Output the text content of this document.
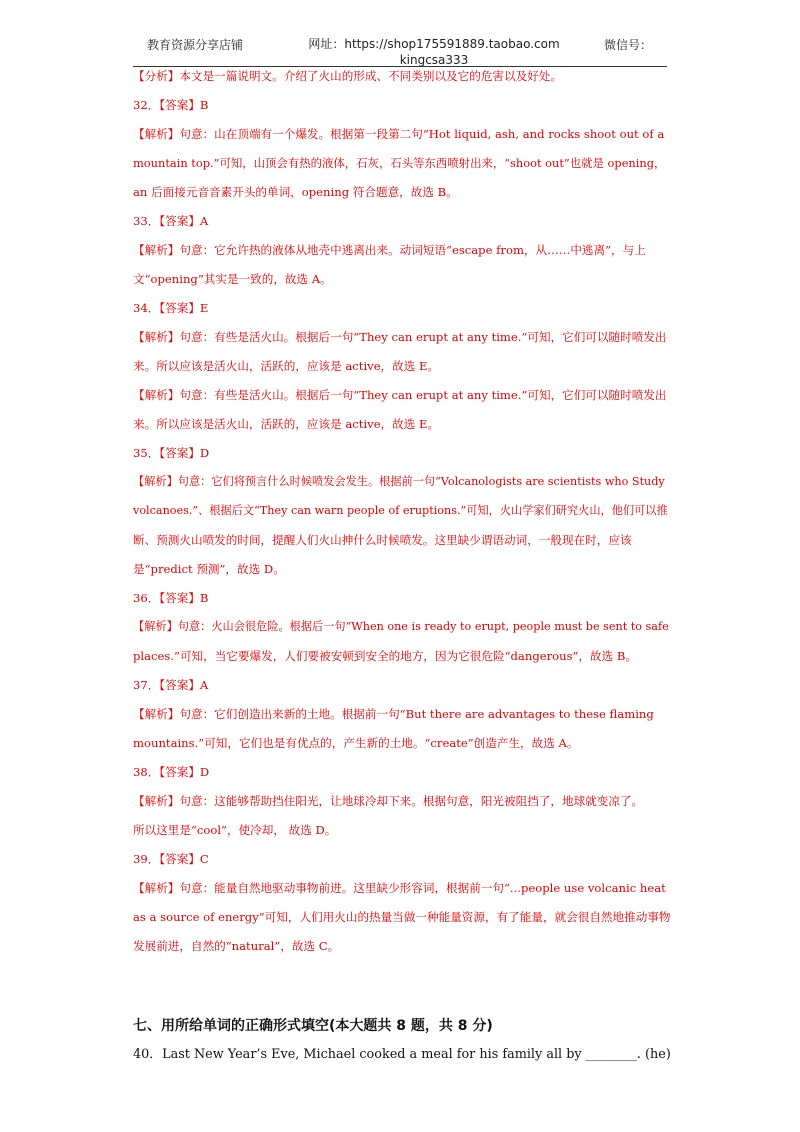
教育资源分享店铺	网址：https://shop175591889.taobao.com
kingcsa333
微信号：
【分析】本文是一篇说明文。介绍了火山的形成、不同类别以及它的危害以及好处。
32．【答案】B
【解析】句意：山在顶端有一个爆发。根据第一段第二句“Hot liquid, ash, and rocks shoot out of a
mountain top.”可知，山顶会有热的液体，石灰，石头等东西喷射出来，“shoot out”也就是 opening，
an 后面接元音音素开头的单词，opening 符合题意，故选 B。
33．【答案】A
【解析】句意：它允许热的液体从地壳中逃离出来。动词短语“escape from，从……中逃离”，与上
文“opening”其实是一致的，故选 A。
34．【答案】E
【解析】句意：有些是活火山。根据后一句“They can erupt at any time.”可知，它们可以随时喷发出
来。所以应该是活火山，活跃的，应该是 active，故选 E。
【解析】句意：有些是活火山。根据后一句“They can erupt at any time.”可知，它们可以随时喷发出
来。所以应该是活火山，活跃的，应该是 active，故选 E。
35．【答案】D
【解析】句意：它们将预言什么时候喷发会发生。根据前一句“Volcanologists are scientists who Study
volcanoes.”、根据后文“They can warn people of eruptions.”可知，火山学家们研究火山，他们可以推
断、预测火山喷发的时间，提醒人们火山抻什么时候喷发。这里缺少谓语动词，一般现在时，应该
是“predict 预测”，故选 D。
36．【答案】B
【解析】句意：火山会很危险。根据后一句“When one is ready to erupt, people must be sent to safe
places.”可知，当它要爆发，人们要被安顿到安全的地方，因为它很危险“dangerous”，故选 B。
37．【答案】A
【解析】句意：它们创造出来新的土地。根据前一句“But there are advantages to these flaming
mountains.”可知，它们也是有优点的，产生新的土地。“create”创造产生，故选 A。
38．【答案】D
【解析】句意：这能够帮助挡住阳光，让地球冷却下来。根据句意，阳光被阻挡了，地球就变凉了。
所以这里是“cool”，使冷却， 故选 D。
39．【答案】C
【解析】句意：能量自然地驱动事物前进。这里缺少形容词，根据前一句“...people use volcanic heat
as a source of energy”可知，人们用火山的热量当做一种能量资源，有了能量，就会很自然地推动事物
发展前进，自然的“natural”，故选 C。
七、用所给单词的正确形式填空(本大题共 8 题，共 8 分)
40．Last New Year’s Eve, Michael cooked a meal for his family all by ________. (he)
